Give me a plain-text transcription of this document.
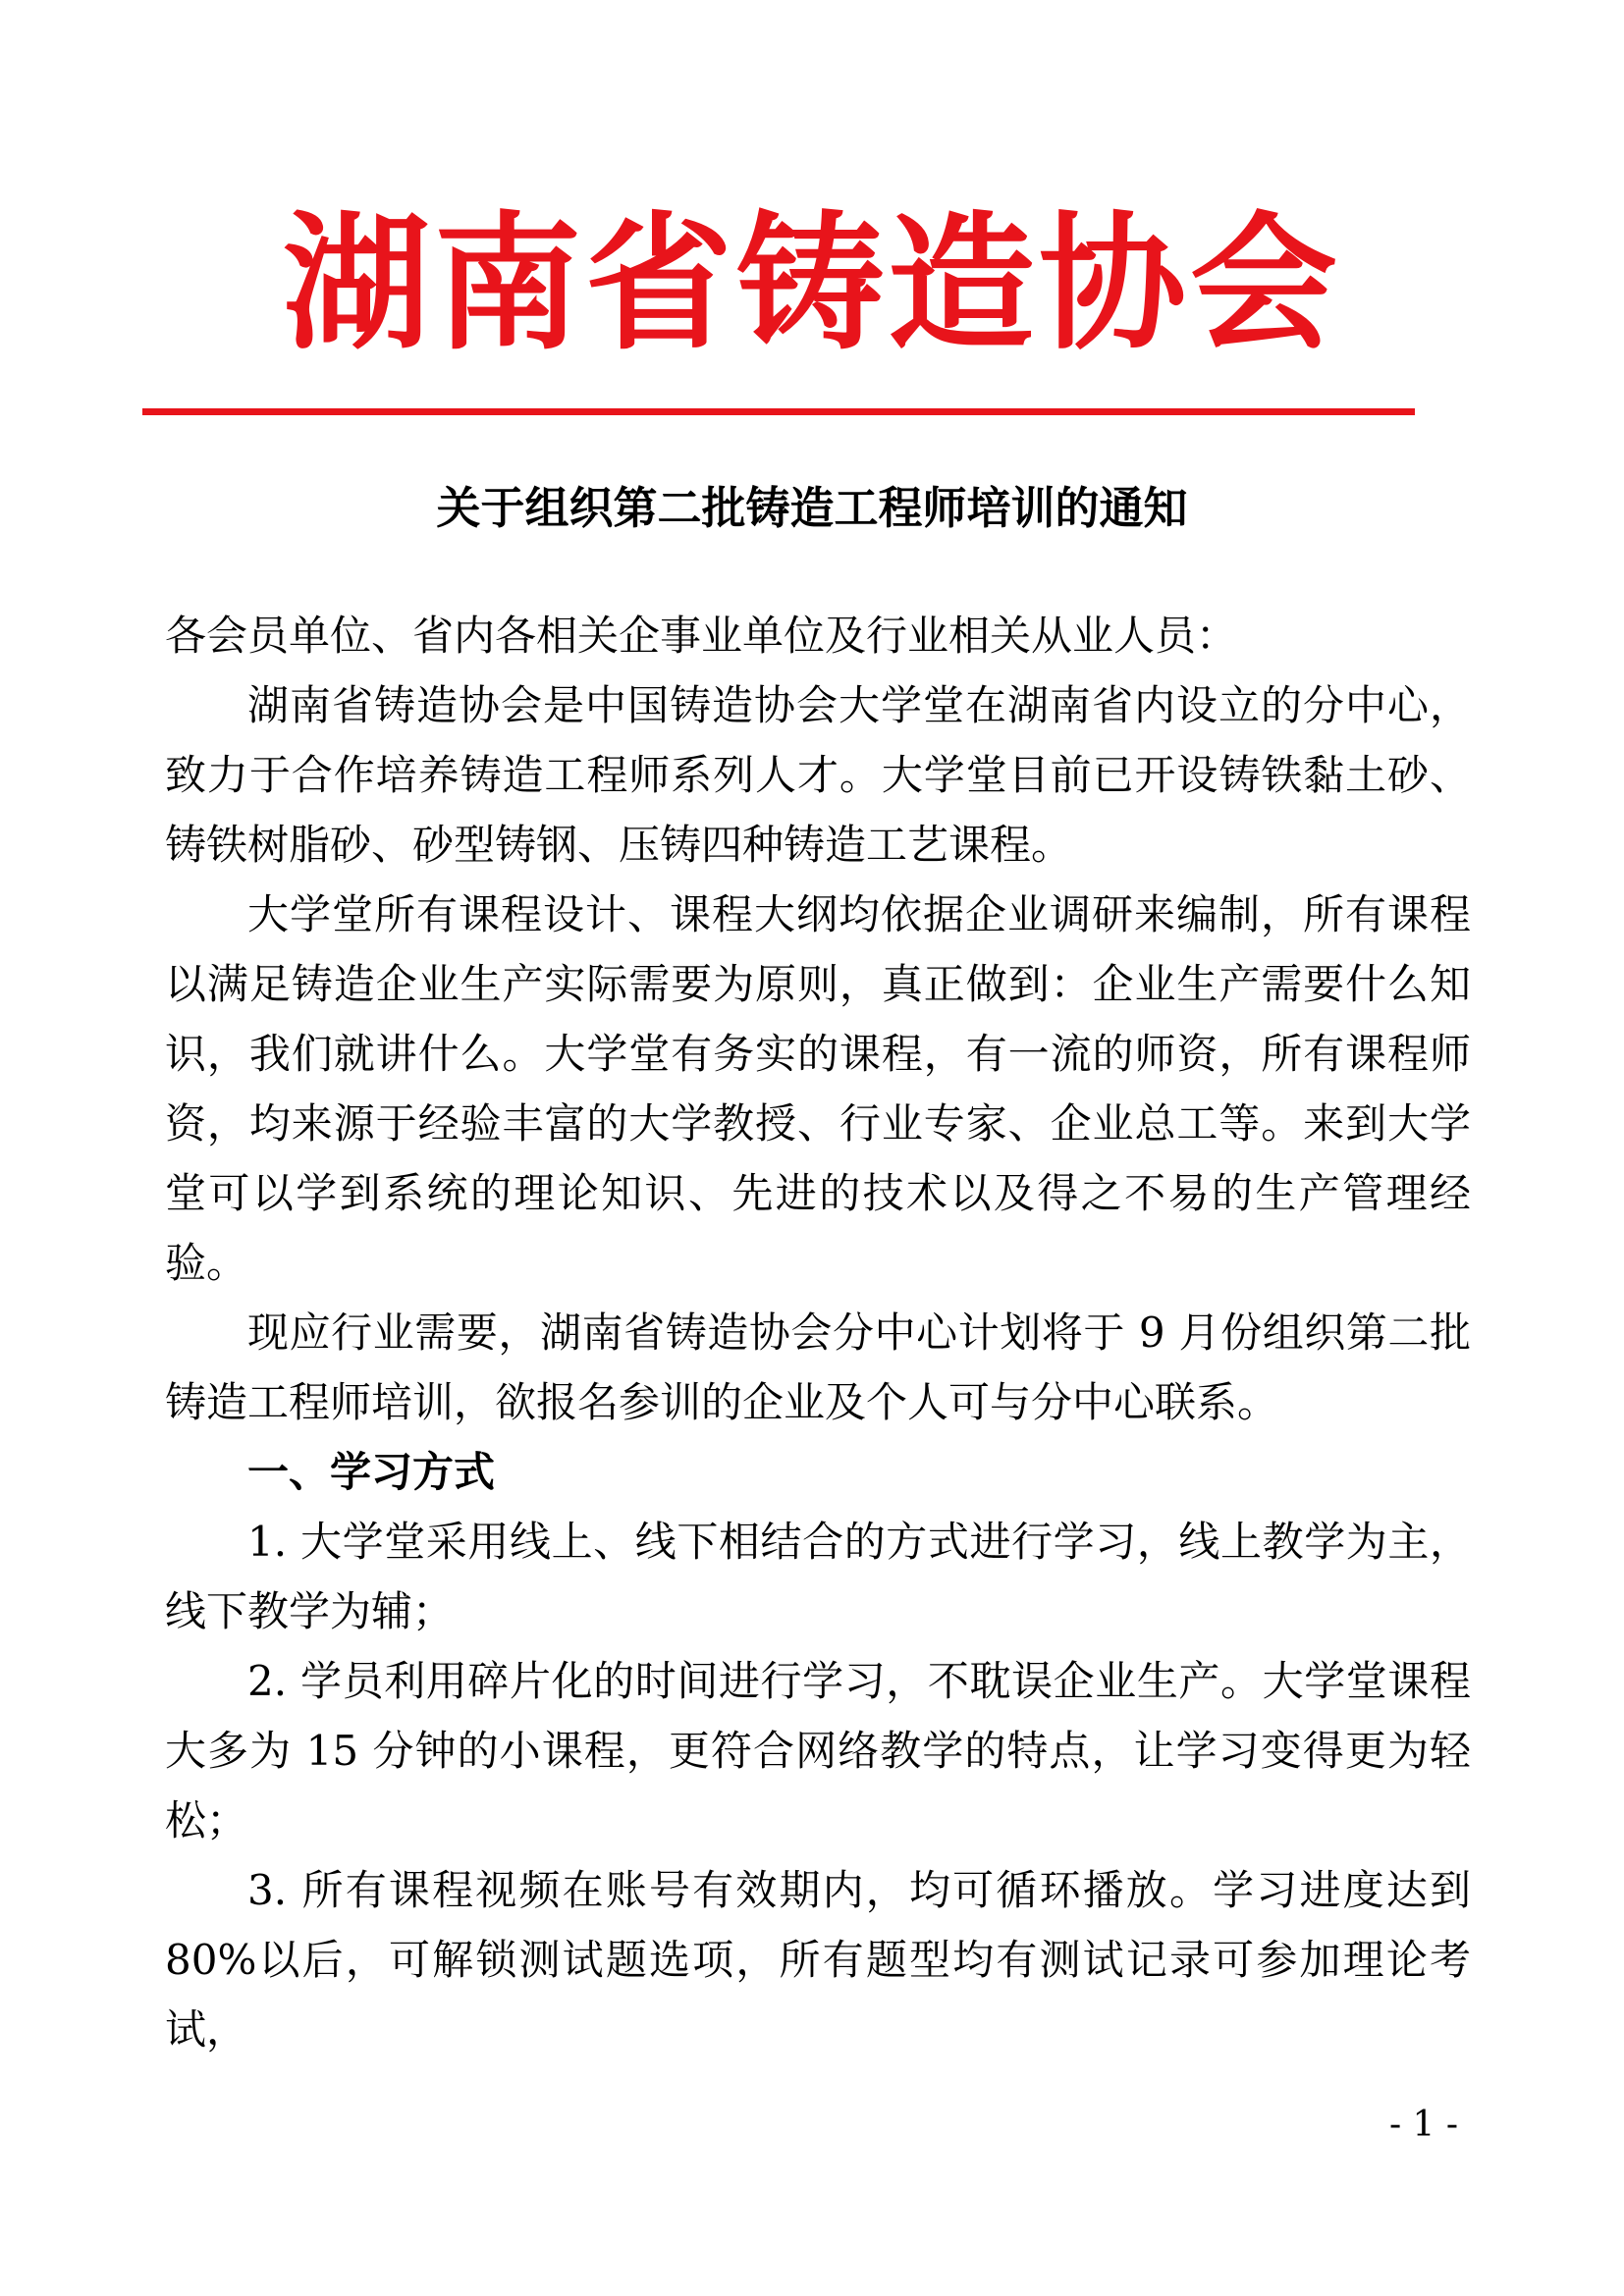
湖南省铸造协会
关于组织第二批铸造工程师培训的通知

各会员单位、省内各相关企事业单位及行业相关从业人员：

湖南省铸造协会是中国铸造协会大学堂在湖南省内设立的分中心，致力于合作培养铸造工程师系列人才。大学堂目前已开设铸铁黏土砂、铸铁树脂砂、砂型铸钢、压铸四种铸造工艺课程。

大学堂所有课程设计、课程大纲均依据企业调研来编制，所有课程以满足铸造企业生产实际需要为原则，真正做到：企业生产需要什么知识，我们就讲什么。大学堂有务实的课程，有一流的师资，所有课程师资，均来源于经验丰富的大学教授、行业专家、企业总工等。来到大学堂可以学到系统的理论知识、先进的技术以及得之不易的生产管理经验。

现应行业需要，湖南省铸造协会分中心计划将于 9 月份组织第二批铸造工程师培训，欲报名参训的企业及个人可与分中心联系。

一、学习方式

1. 大学堂采用线上、线下相结合的方式进行学习，线上教学为主，线下教学为辅；

2. 学员利用碎片化的时间进行学习，不耽误企业生产。大学堂课程大多为 15 分钟的小课程，更符合网络教学的特点，让学习变得更为轻松；

3. 所有课程视频在账号有效期内，均可循环播放。学习进度达到80%以后，可解锁测试题选项，所有题型均有测试记录可参加理论考试，

- 1 -
